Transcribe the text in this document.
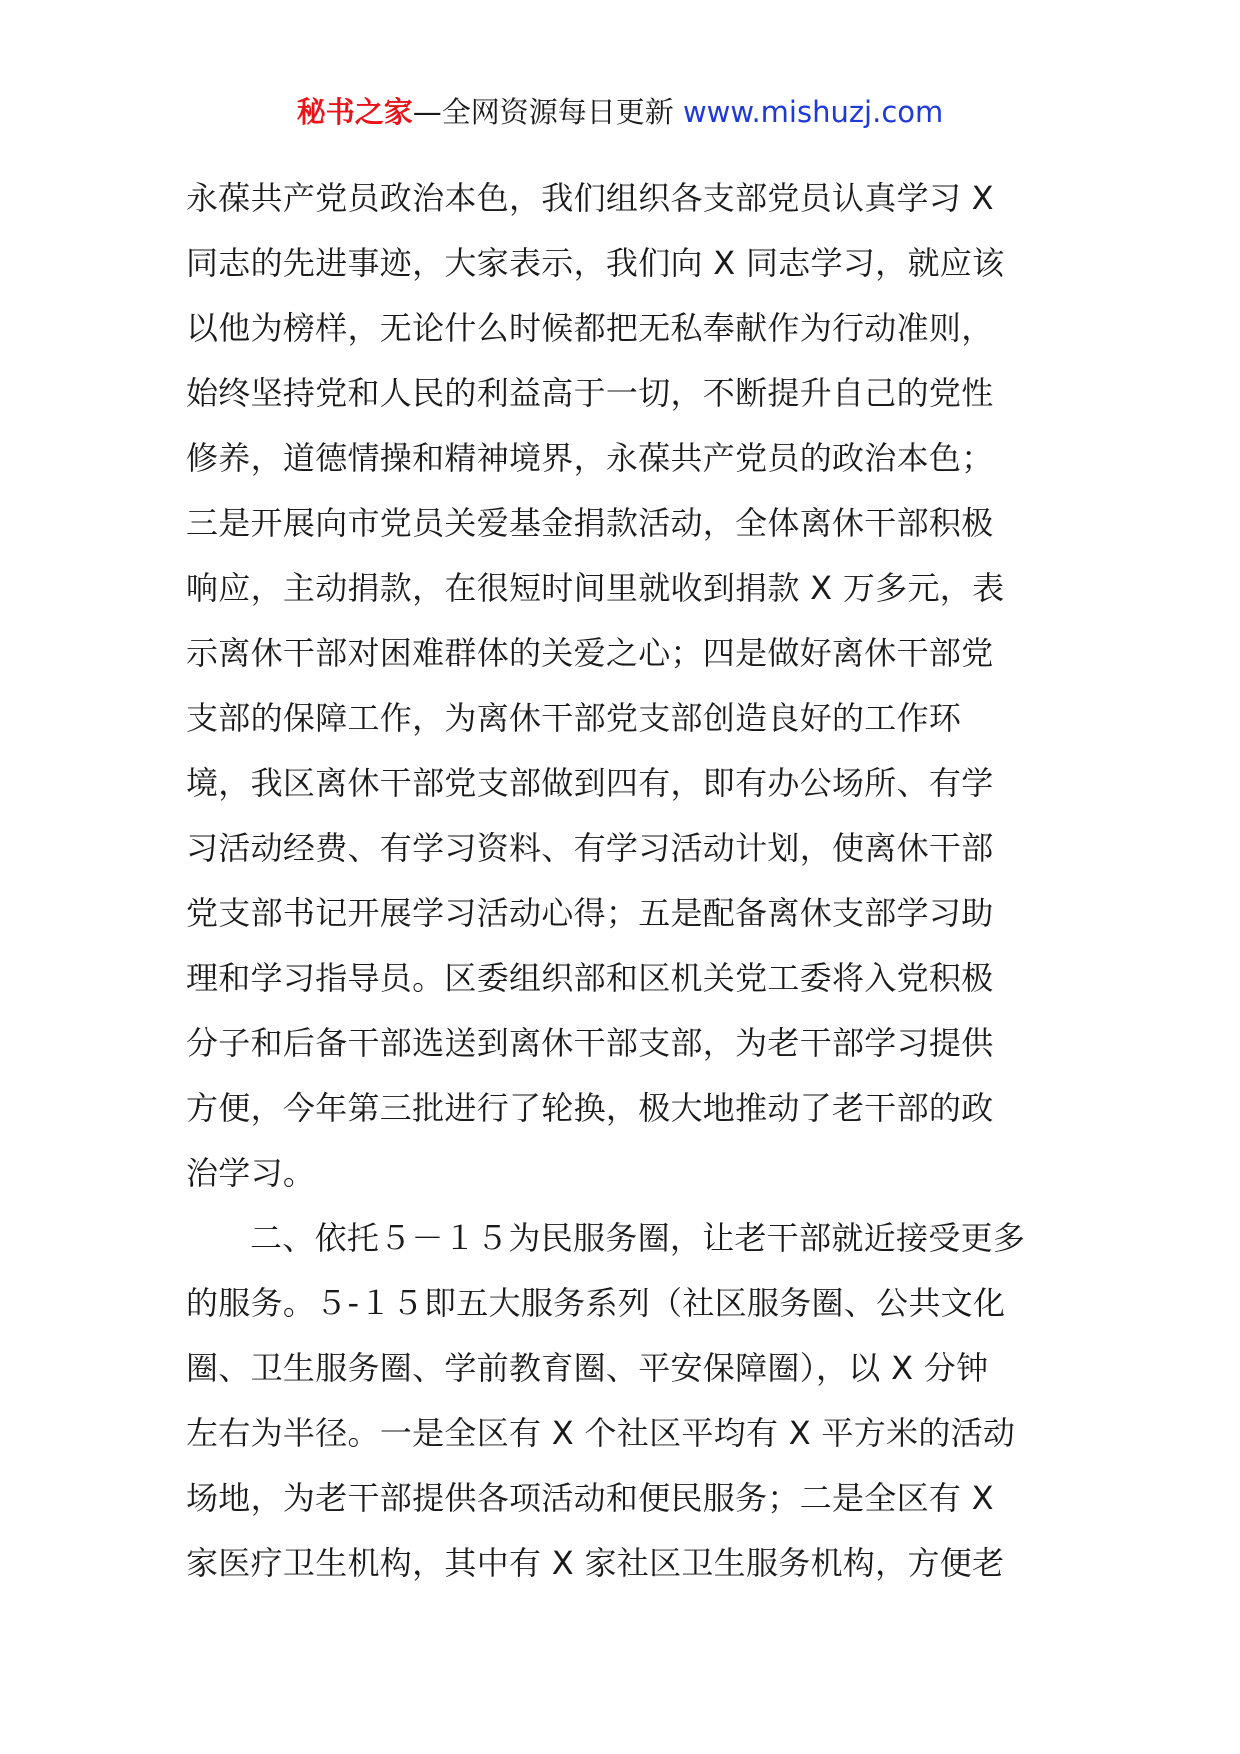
秘书之家—全网资源每日更新 www.mishuzj.com
永葆共产党员政治本色，我们组织各支部党员认真学习 X
同志的先进事迹，大家表示，我们向 X 同志学习，就应该
以他为榜样，无论什么时候都把无私奉献作为行动准则，
始终坚持党和人民的利益高于一切，不断提升自己的党性
修养，道德情操和精神境界，永葆共产党员的政治本色；
三是开展向市党员关爱基金捐款活动，全体离休干部积极
响应，主动捐款，在很短时间里就收到捐款 X 万多元，表
示离休干部对困难群体的关爱之心；四是做好离休干部党
支部的保障工作，为离休干部党支部创造良好的工作环
境，我区离休干部党支部做到四有，即有办公场所、有学
习活动经费、有学习资料、有学习活动计划，使离休干部
党支部书记开展学习活动心得；五是配备离休支部学习助
理和学习指导员。区委组织部和区机关党工委将入党积极
分子和后备干部选送到离休干部支部，为老干部学习提供
方便，今年第三批进行了轮换，极大地推动了老干部的政
治学习。
二、依托５－１５为民服务圈，让老干部就近接受更多
的服务。５-１５即五大服务系列（社区服务圈、公共文化
圈、卫生服务圈、学前教育圈、平安保障圈），以 X 分钟
左右为半径。一是全区有 X 个社区平均有 X 平方米的活动
场地，为老干部提供各项活动和便民服务；二是全区有 X
家医疗卫生机构，其中有 X 家社区卫生服务机构，方便老
